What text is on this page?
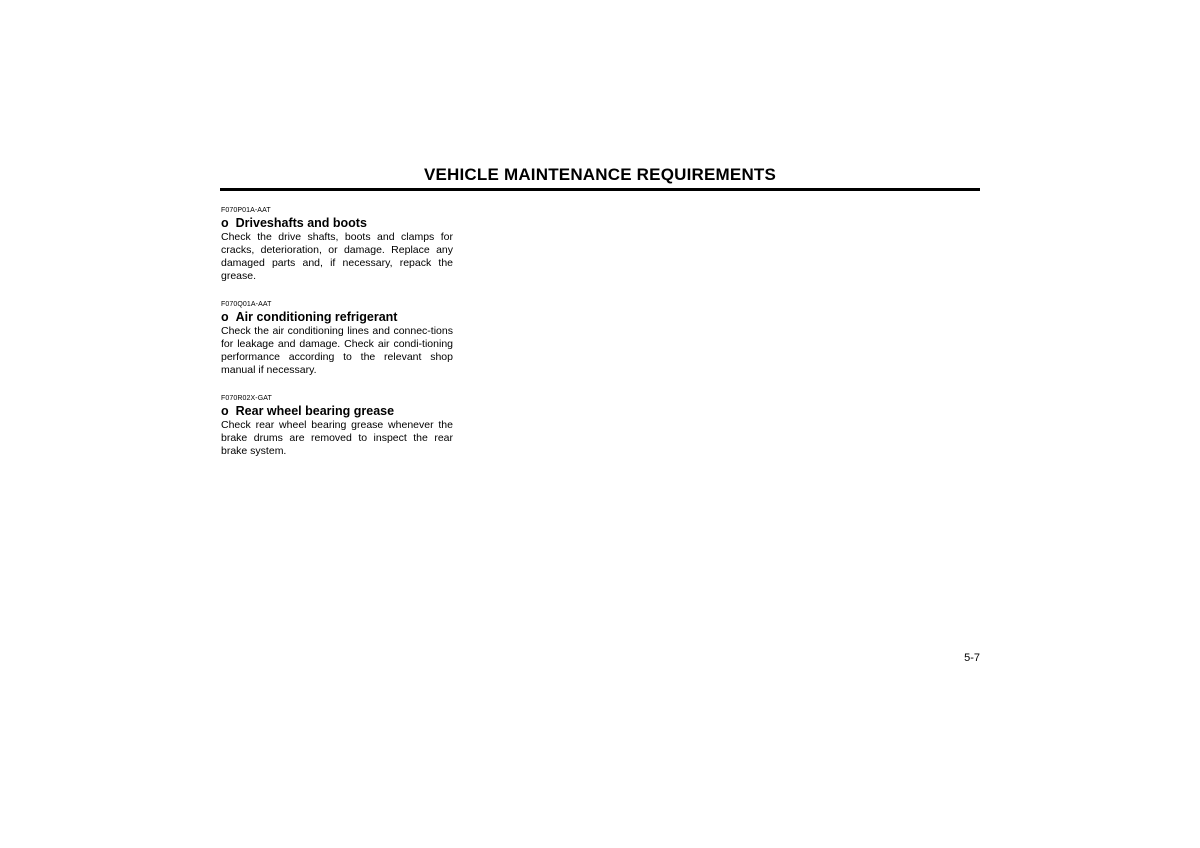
VEHICLE MAINTENANCE REQUIREMENTS
F070P01A-AAT
o Driveshafts and boots
Check the drive shafts, boots and clamps for cracks, deterioration, or damage. Replace any damaged parts and, if necessary, repack the grease.
F070Q01A-AAT
o Air conditioning refrigerant
Check the air conditioning lines and connec-tions for leakage and damage. Check air condi-tioning performance according to the relevant shop manual if necessary.
F070R02X-GAT
o Rear wheel bearing grease
Check rear wheel bearing grease whenever the brake drums are removed to inspect the rear brake system.
5-7
